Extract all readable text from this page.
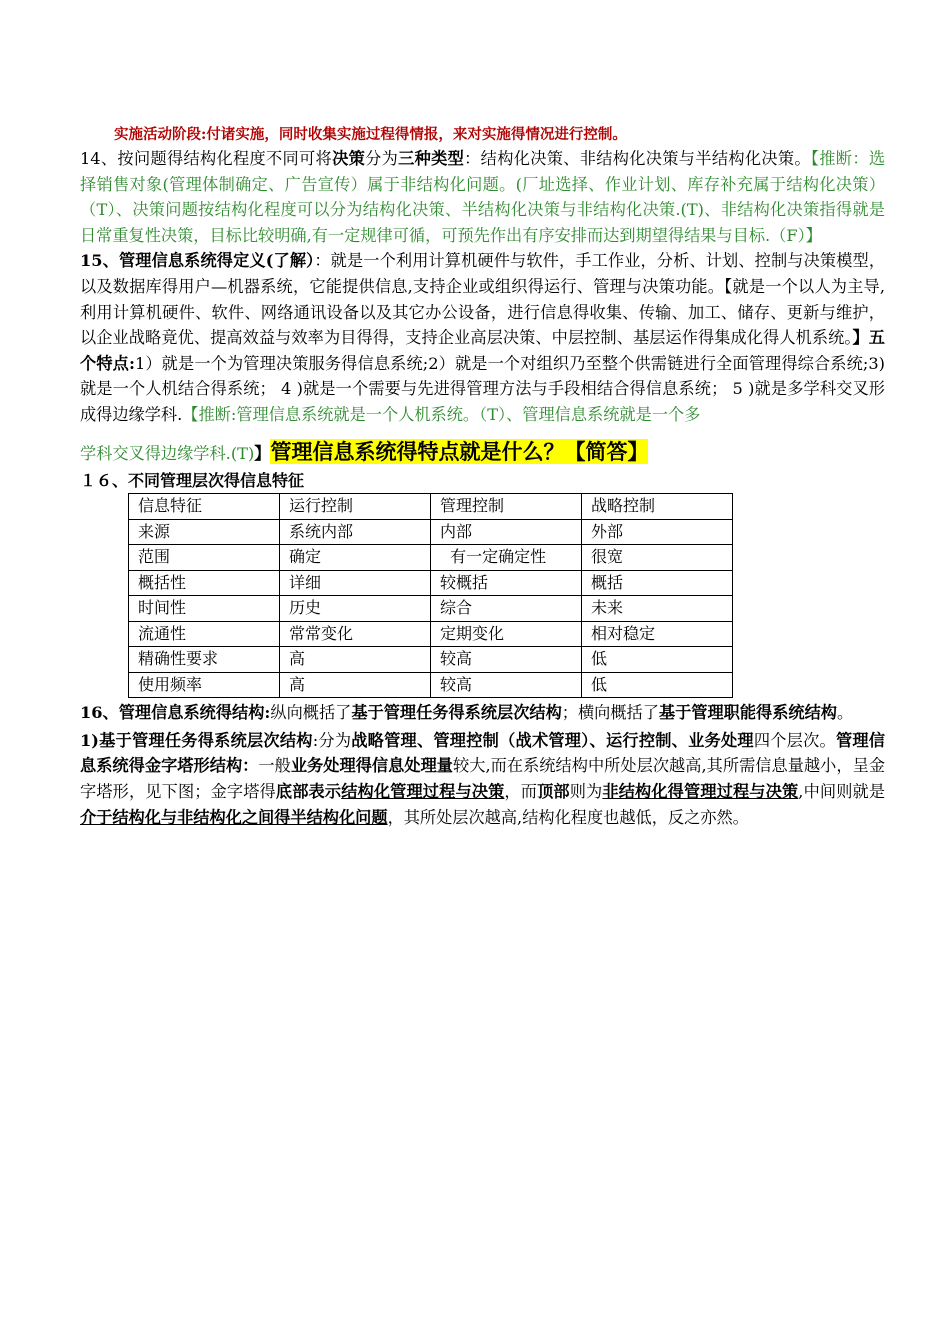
实施活动阶段:付诸实施，同时收集实施过程得情报，来对实施得情况进行控制。

14、按问题得结构化程度不同可将决策分为三种类型：结构化决策、非结构化决策与半结构化决策。【推断：选择销售对象(管理体制确定、广告宣传）属于非结构化问题。(厂址选择、作业计划、库存补充属于结构化决策）（T）、决策问题按结构化程度可以分为结构化决策、半结构化决策与非结构化决策.(T)、非结构化决策指得就是日常重复性决策，目标比较明确,有一定规律可循，可预先作出有序安排而达到期望得结果与目标.（F）】

15、管理信息系统得定义(了解）：就是一个利用计算机硬件与软件，手工作业，分析、计划、控制与决策模型，以及数据库得用户—机器系统，它能提供信息,支持企业或组织得运行、管理与决策功能。【就是一个以人为主导,利用计算机硬件、软件、网络通讯设备以及其它办公设备，进行信息得收集、传输、加工、储存、更新与维护，以企业战略竟优、提高效益与效率为目得得，支持企业高层决策、中层控制、基层运作得集成化得人机系统。】五个特点:1）就是一个为管理决策服务得信息系统;2）就是一个对组织乃至整个供需链进行全面管理得综合系统;3)就是一个人机结合得系统； 4 )就是一个需要与先进得管理方法与手段相结合得信息系统； 5 )就是多学科交叉形成得边缘学科.【推断:管理信息系统就是一个人机系统。（T）、管理信息系统就是一个多
学科交叉得边缘学科.(T)】管理信息系统得特点就是什么？【简答】

１６、不同管理层次得信息特征
信息特征	运行控制	管理控制	战略控制
来源	系统内部	内部	外部
范围	确定	有一定确定性	很宽
概括性	详细	较概括	概括
时间性	历史	综合	未来
流通性	常常变化	定期变化	相对稳定
精确性要求	高	较高	低
使用频率	高	较高	低

16、管理信息系统得结构:纵向概括了基于管理任务得系统层次结构；横向概括了基于管理职能得系统结构。

1)基于管理任务得系统层次结构:分为战略管理、管理控制（战术管理）、运行控制、业务处理四个层次。管理信息系统得金字塔形结构：一般业务处理得信息处理量较大,而在系统结构中所处层次越高,其所需信息量越小，呈金字塔形，见下图；金字塔得底部表示结构化管理过程与决策，而顶部则为非结构化得管理过程与决策,中间则就是介于结构化与非结构化之间得半结构化问题，其所处层次越高,结构化程度也越低，反之亦然。
